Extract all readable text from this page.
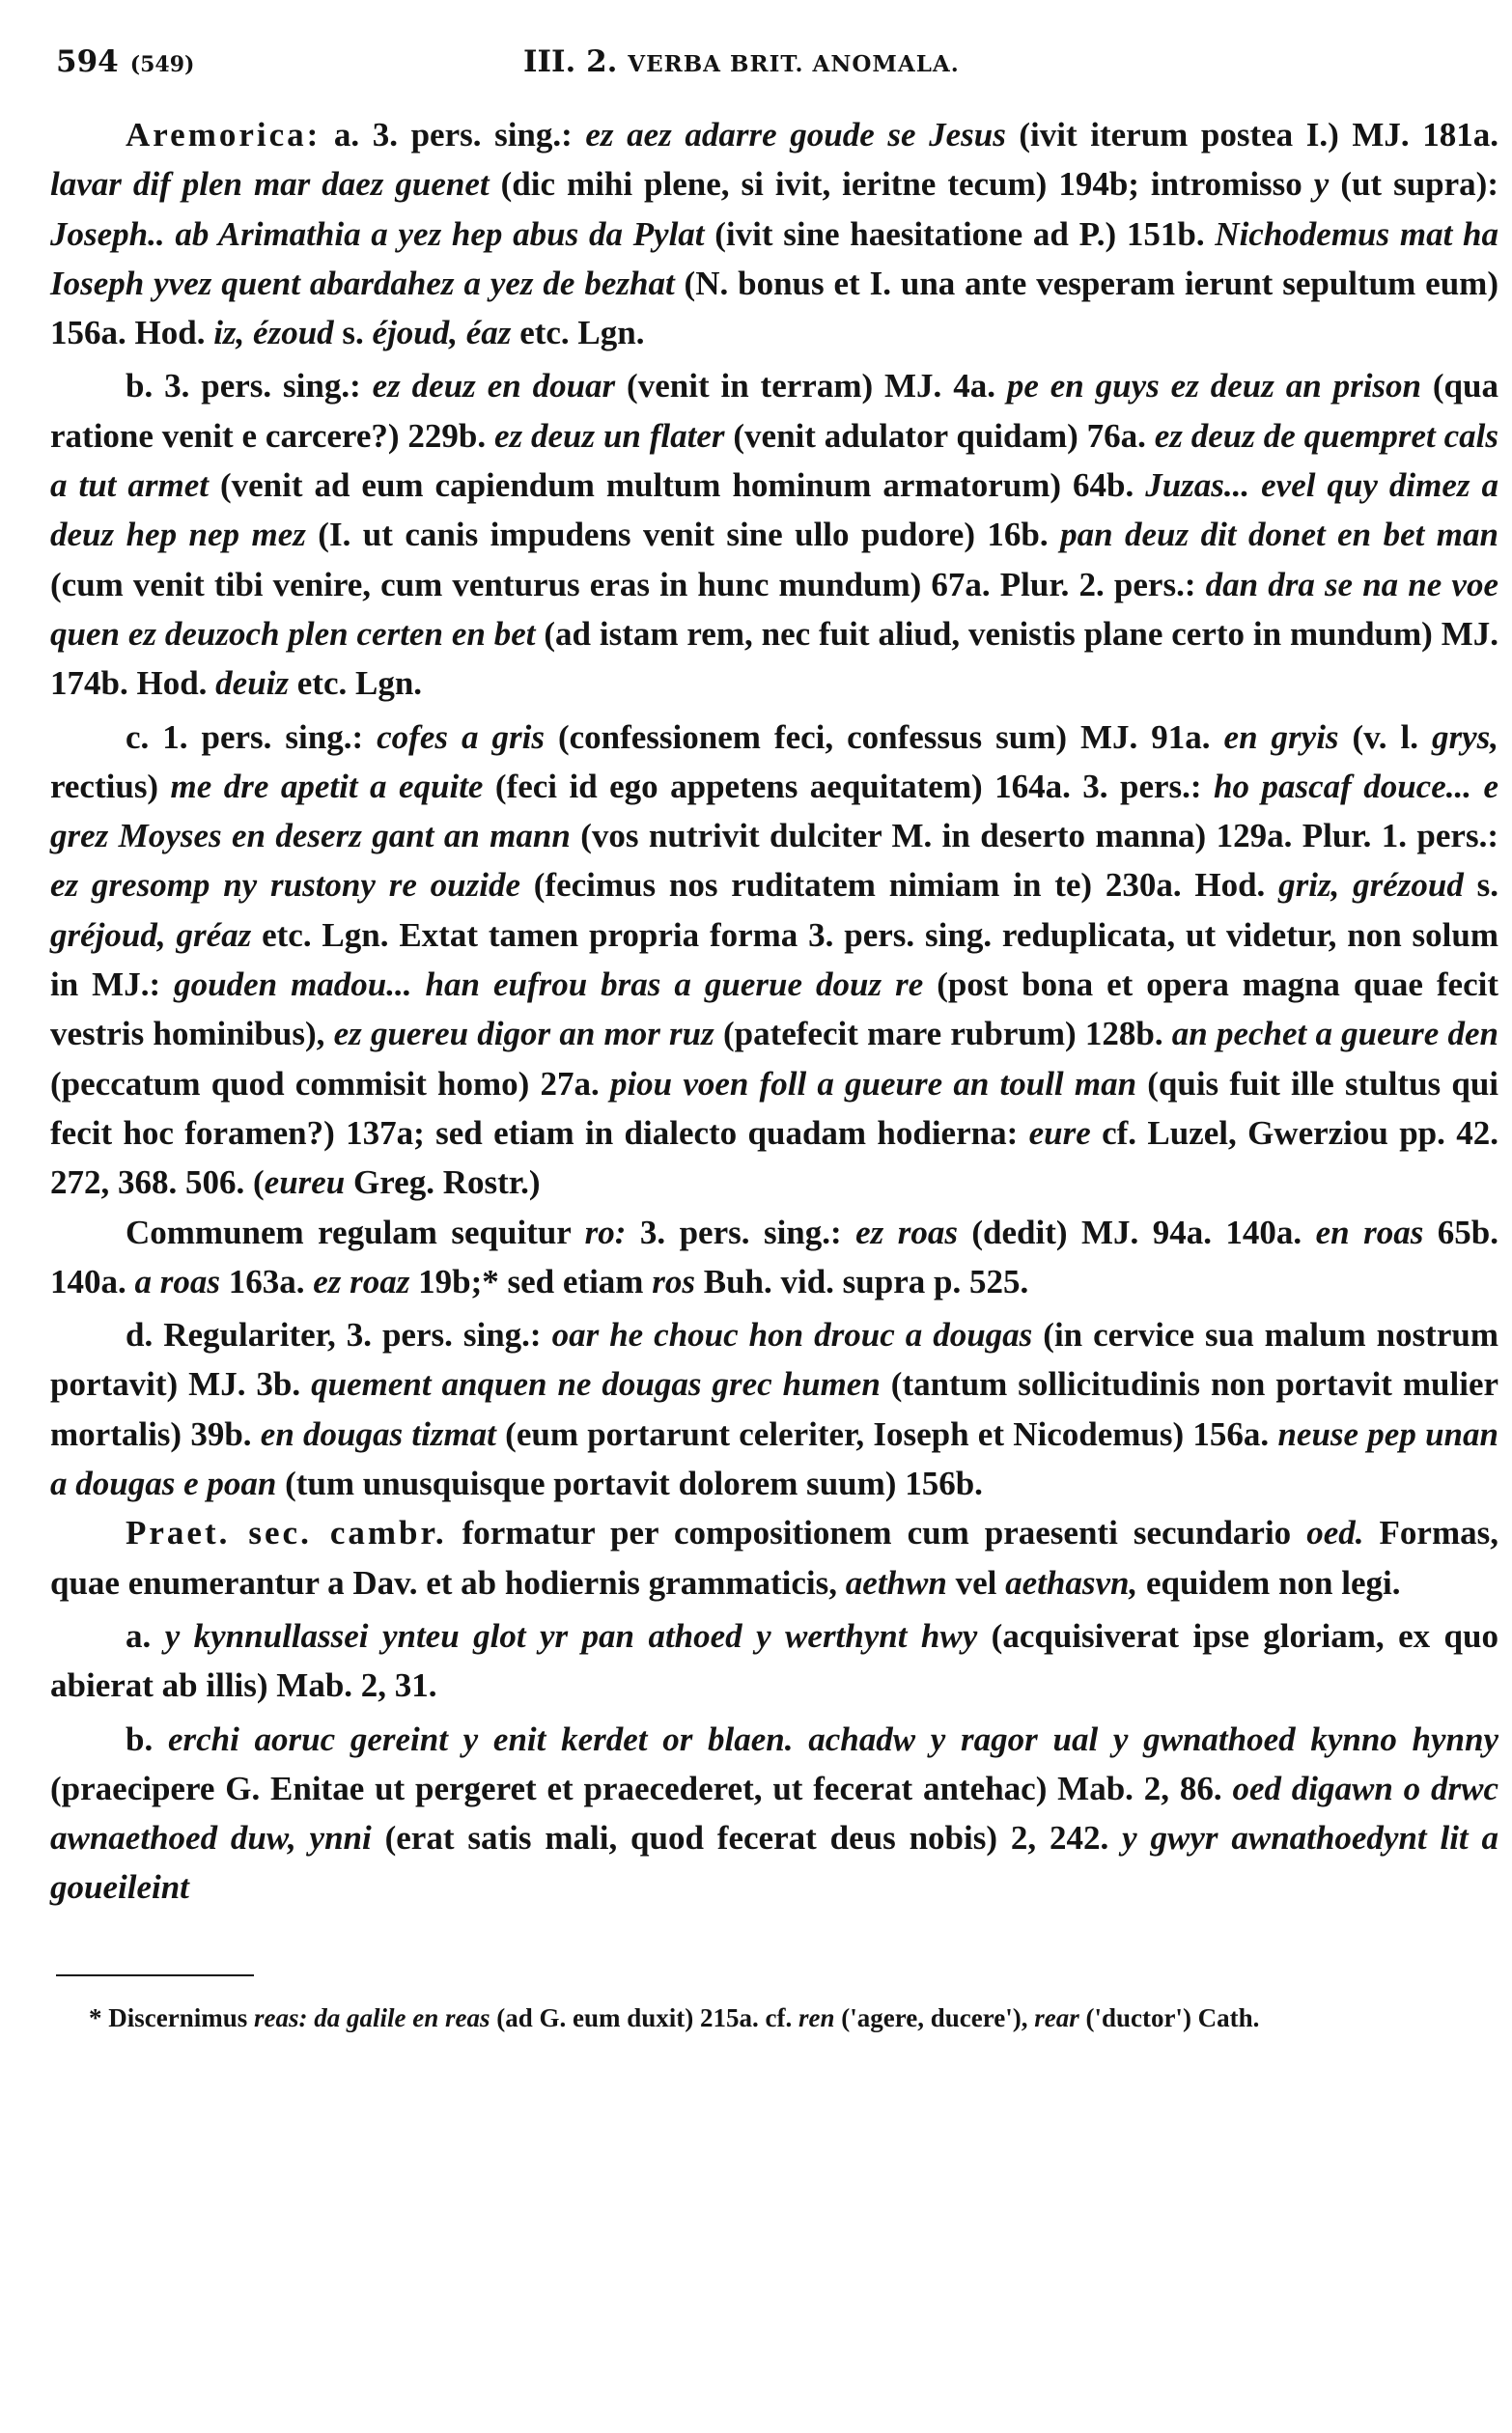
594 (549)	III. 2. VERBA BRIT. ANOMALA.

Aremorica: a. 3. pers. sing.: ez aez adarre goude se Jesus (ivit iterum postea I.) MJ. 181a. lavar dif plen mar daez guenet (dic mihi plene, si ivit, ieritne tecum) 194b; intromisso y (ut supra): Joseph.. ab Arimathia a yez hep abus da Pylat (ivit sine haesitatione ad P.) 151b. Nichodemus mat ha Ioseph yvez quent abardahez a yez de bezhat (N. bonus et I. una ante vesperam ierunt sepultum eum) 156a. Hod. iz, ézoud s. éjoud, éaz etc. Lgn.

b. 3. pers. sing.: ez deuz en douar (venit in terram) MJ. 4a. pe en guys ez deuz an prison (qua ratione venit e carcere?) 229b. ez deuz un flater (venit adulator quidam) 76a. ez deuz de quempret cals a tut armet (venit ad eum capiendum multum hominum armatorum) 64b. Juzas... evel quy dimez a deuz hep nep mez (I. ut canis impudens venit sine ullo pudore) 16b. pan deuz dit donet en bet man (cum venit tibi venire, cum venturus eras in hunc mundum) 67a. Plur. 2. pers.: dan dra se na ne voe quen ez deuzoch plen certen en bet (ad istam rem, nec fuit aliud, venistis plane certo in mundum) MJ. 174b. Hod. deuiz etc. Lgn.

c. 1. pers. sing.: cofes a gris (confessionem feci, confessus sum) MJ. 91a. en gryis (v. l. grys, rectius) me dre apetit a equite (feci id ego appetens aequitatem) 164a. 3. pers.: ho pascaf douce... e grez Moyses en deserz gant an mann (vos nutrivit dulciter M. in deserto manna) 129a. Plur. 1. pers.: ez gresomp ny rustony re ouzide (fecimus nos ruditatem nimiam in te) 230a. Hod. griz, grézoud s. gréjoud, gréaz etc. Lgn. Extat tamen propria forma 3. pers. sing. reduplicata, ut videtur, non solum in MJ.: gouden madou... han eufrou bras a guerue douz re (post bona et opera magna quae fecit vestris hominibus), ez guereu digor an mor ruz (patefecit mare rubrum) 128b. an pechet a gueure den (peccatum quod commisit homo) 27a. piou voen foll a gueure an toull man (quis fuit ille stultus qui fecit hoc foramen?) 137a; sed etiam in dialecto quadam hodierna: eure cf. Luzel, Gwerziou pp. 42. 272, 368. 506. (eureu Greg. Rostr.)

Communem regulam sequitur ro: 3. pers. sing.: ez roas (dedit) MJ. 94a. 140a. en roas 65b. 140a. a roas 163a. ez roaz 19b;* sed etiam ros Buh. vid. supra p. 525.

d. Regulariter, 3. pers. sing.: oar he chouc hon drouc a dougas (in cervice sua malum nostrum portavit) MJ. 3b. quement anquen ne dougas grec humen (tantum sollicitudinis non portavit mulier mortalis) 39b. en dougas tizmat (eum portarunt celeriter, Ioseph et Nicodemus) 156a. neuse pep unan a dougas e poan (tum unusquisque portavit dolorem suum) 156b.

Praet. sec. cambr. formatur per compositionem cum praesenti secundario oed. Formas, quae enumerantur a Dav. et ab hodiernis grammaticis, aethwn vel aethasvn, equidem non legi.

a. y kynnullassei ynteu glot yr pan athoed y werthynt hwy (acquisiverat ipse gloriam, ex quo abierat ab illis) Mab. 2, 31.

b. erchi aoruc gereint y enit kerdet or blaen. achadw y ragor ual y gwnathoed kynno hynny (praecipere G. Enitae ut pergeret et praecederet, ut fecerat antehac) Mab. 2, 86. oed digawn o drwc awnaethoed duw, ynni (erat satis mali, quod fecerat deus nobis) 2, 242. y gwyr awnathoedynt lit a goueileint

* Discernimus reas: da galile en reas (ad G. eum duxit) 215a. cf. ren ('agere, ducere'), rear ('ductor') Cath.
